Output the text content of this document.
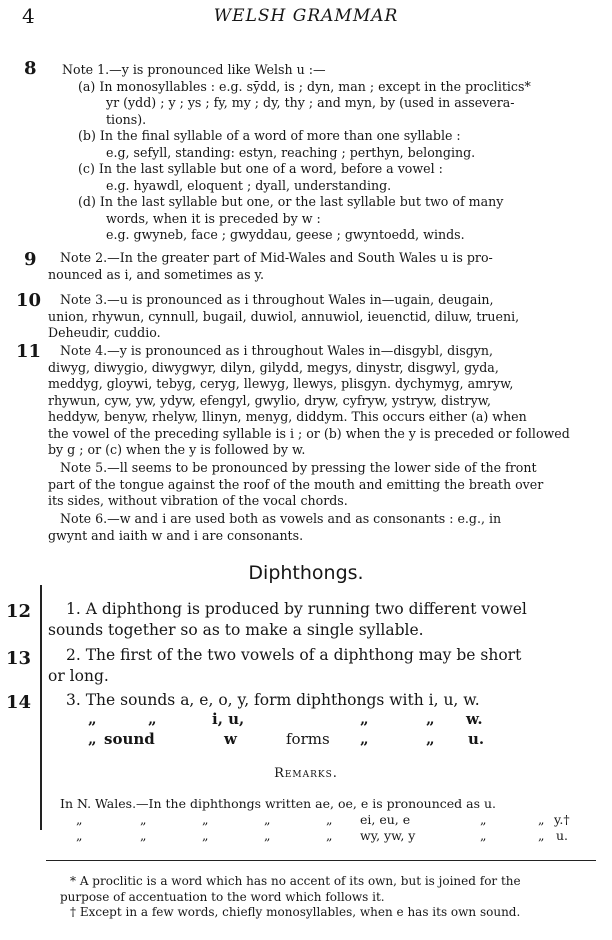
4	WELSH GRAMMAR
8
9
10
11
12
13
14

Note 1.—y is pronounced like Welsh u :—

(a) In monosyllables : e.g. sȳdd, is ; dyn, man ; except in the proclitics*

yr (ydd) ; y ; ys ; fy, my ; dy, thy ; and myn, by (used in assevera-

tions).

(b) In the final syllable of a word of more than one syllable :

e.g, sefyll, standing: estyn, reaching ; perthyn, belonging.

(c) In the last syllable but one of a word, before a vowel :

e.g. hyawdl, eloquent ; dyall, understanding.

(d) In the last syllable but one, or the last syllable but two of many

words, when it is preceded by w :

e.g. gwyneb, face ; gwyddau, geese ; gwyntoedd, winds.

Note 2.—In the greater part of Mid-Wales and South Wales u is pro-

nounced as i, and sometimes as y.

Note 3.—u is pronounced as i throughout Wales in—ugain, deugain,

union, rhywun, cynnull, bugail, duwiol, annuwiol, ieuenctid, diluw, trueni,

Deheudir, cuddio.

Note 4.—y is pronounced as i throughout Wales in—disgybl, disgyn,

diwyg, diwygio, diwygwyr, dilyn, gilydd, megys, dinystr, disgwyl, gyda,

meddyg, gloywi, tebyg, ceryg, llewyg, llewys, plisgyn. dychymyg, amryw,

rhywun, cyw, yw, ydyw, efengyl, gwylio, dryw, cyfryw, ystryw, distryw,

heddyw, benyw, rhelyw, llinyn, menyg, diddym. This occurs either (a) when

the vowel of the preceding syllable is i ; or (b) when the y is preceded or followed

by g ; or (c) when the y is followed by w.

Note 5.—ll seems to be pronounced by pressing the lower side of the front

part of the tongue against the roof of the mouth and emitting the breath over

its sides, without vibration of the vocal chords.

Note 6.—w and i are used both as vowels and as consonants : e.g., in

gwynt and iaith w and i are consonants.

Diphthongs.

1. A diphthong is produced by running two different vowel

sounds together so as to make a single syllable.

2. The first of the two vowels of a diphthong may be short

or long.

3. The sounds a, e, o, y, form diphthongs with i, u, w.

„	„	i, u,	„	„ w.
„ sound	w	forms „	„ u.
Remarks.
In N. Wales.—In the diphthongs written ae, oe, e is pronounced as u.
„	„	„	„	„ ei, eu, e	„	„ y.†
„	„	„	„	„ wy, yw, y	„	„ u.

* A proclitic is a word which has no accent of its own, but is joined for the

purpose of accentuation to the word which follows it.

† Except in a few words, chiefly monosyllables, when e has its own sound.
